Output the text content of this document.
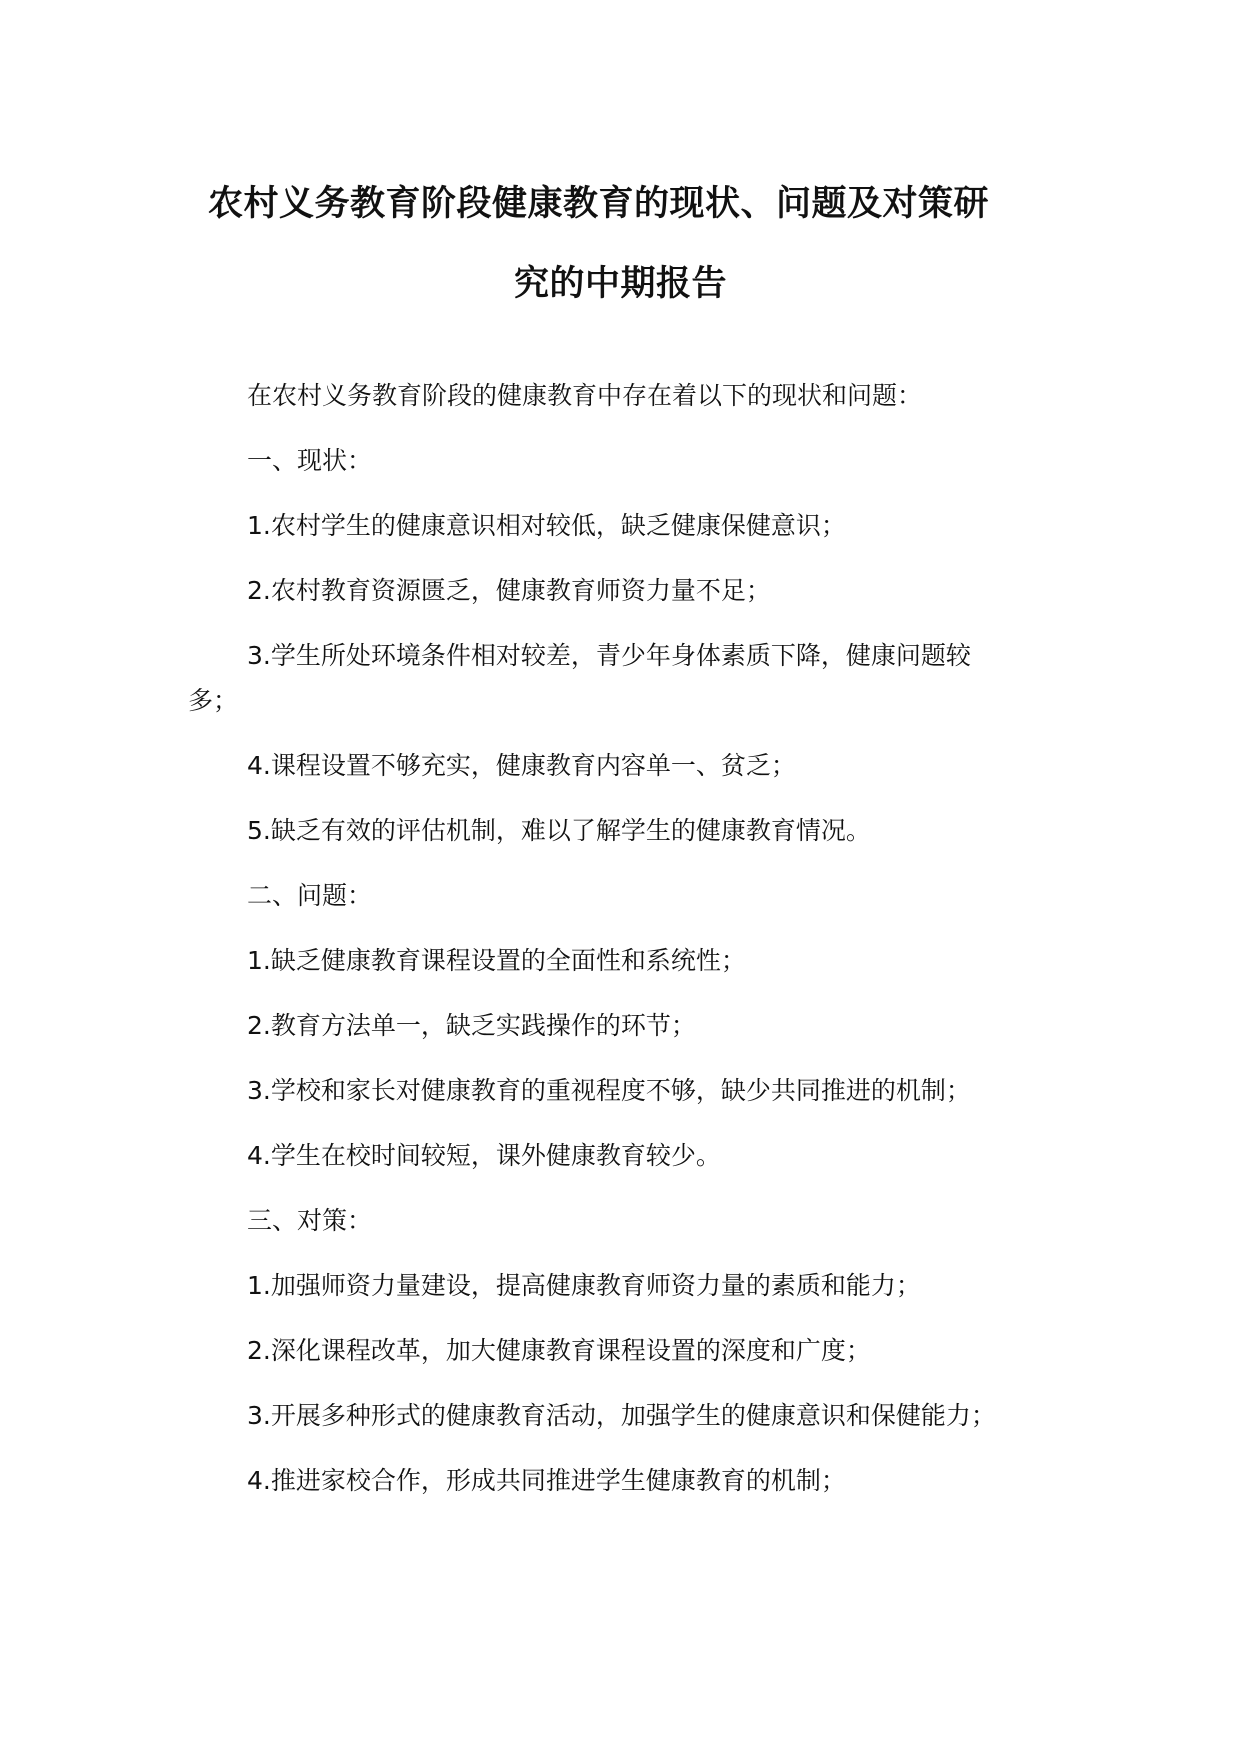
农村义务教育阶段健康教育的现状、问题及对策研
究的中期报告
在农村义务教育阶段的健康教育中存在着以下的现状和问题：
一、现状：
1.农村学生的健康意识相对较低，缺乏健康保健意识；
2.农村教育资源匮乏，健康教育师资力量不足；
3.学生所处环境条件相对较差，青少年身体素质下降，健康问题较
多；
4.课程设置不够充实，健康教育内容单一、贫乏；
5.缺乏有效的评估机制，难以了解学生的健康教育情况。
二、问题：
1.缺乏健康教育课程设置的全面性和系统性；
2.教育方法单一，缺乏实践操作的环节；
3.学校和家长对健康教育的重视程度不够，缺少共同推进的机制；
4.学生在校时间较短，课外健康教育较少。
三、对策：
1.加强师资力量建设，提高健康教育师资力量的素质和能力；
2.深化课程改革，加大健康教育课程设置的深度和广度；
3.开展多种形式的健康教育活动，加强学生的健康意识和保健能力；
4.推进家校合作，形成共同推进学生健康教育的机制；
